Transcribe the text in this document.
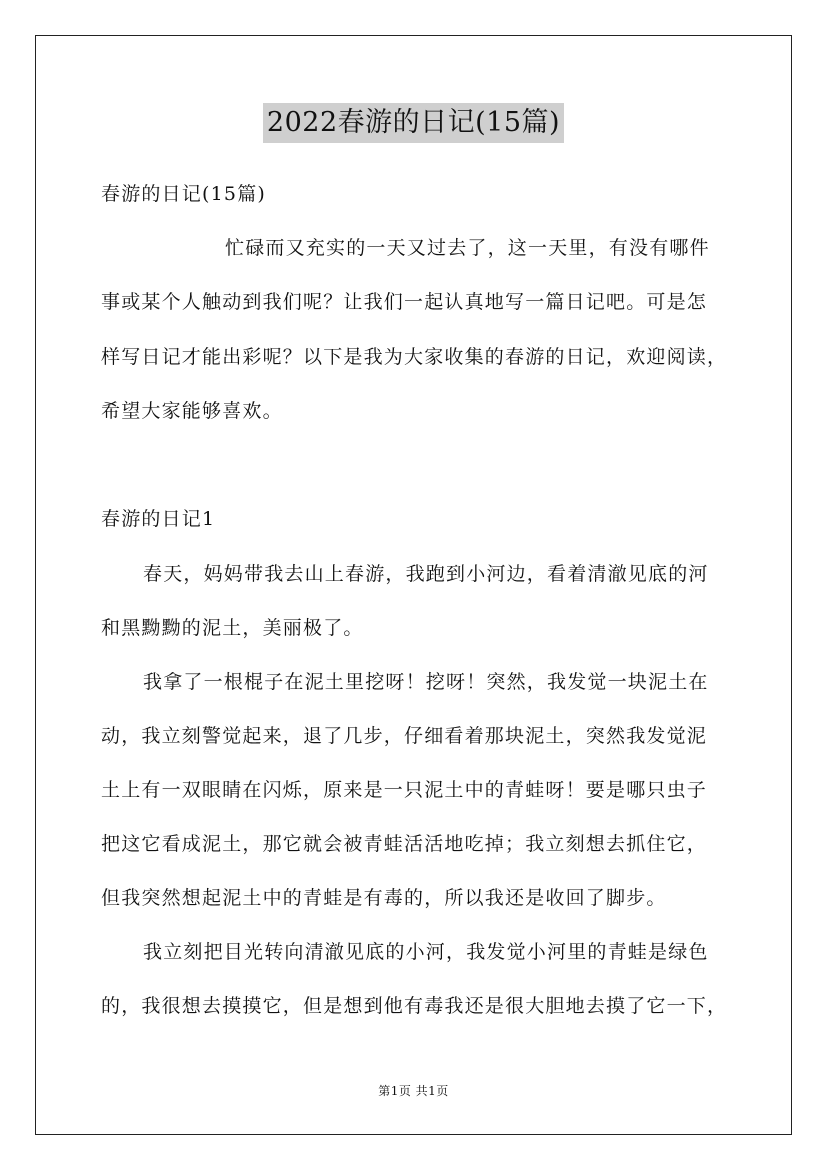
2022春游的日记(15篇)
春游的日记(15篇)
忙碌而又充实的一天又过去了，这一天里，有没有哪件
事或某个人触动到我们呢？让我们一起认真地写一篇日记吧。可是怎
样写日记才能出彩呢？以下是我为大家收集的春游的日记，欢迎阅读，
希望大家能够喜欢。
春游的日记1
春天，妈妈带我去山上春游，我跑到小河边，看着清澈见底的河
和黑黝黝的泥土，美丽极了。
我拿了一根棍子在泥土里挖呀！挖呀！突然，我发觉一块泥土在
动，我立刻警觉起来，退了几步，仔细看着那块泥土，突然我发觉泥
土上有一双眼睛在闪烁，原来是一只泥土中的青蛙呀！要是哪只虫子
把这它看成泥土，那它就会被青蛙活活地吃掉；我立刻想去抓住它，
但我突然想起泥土中的青蛙是有毒的，所以我还是收回了脚步。
我立刻把目光转向清澈见底的小河，我发觉小河里的青蛙是绿色
的，我很想去摸摸它，但是想到他有毒我还是很大胆地去摸了它一下，
第1页 共1页
